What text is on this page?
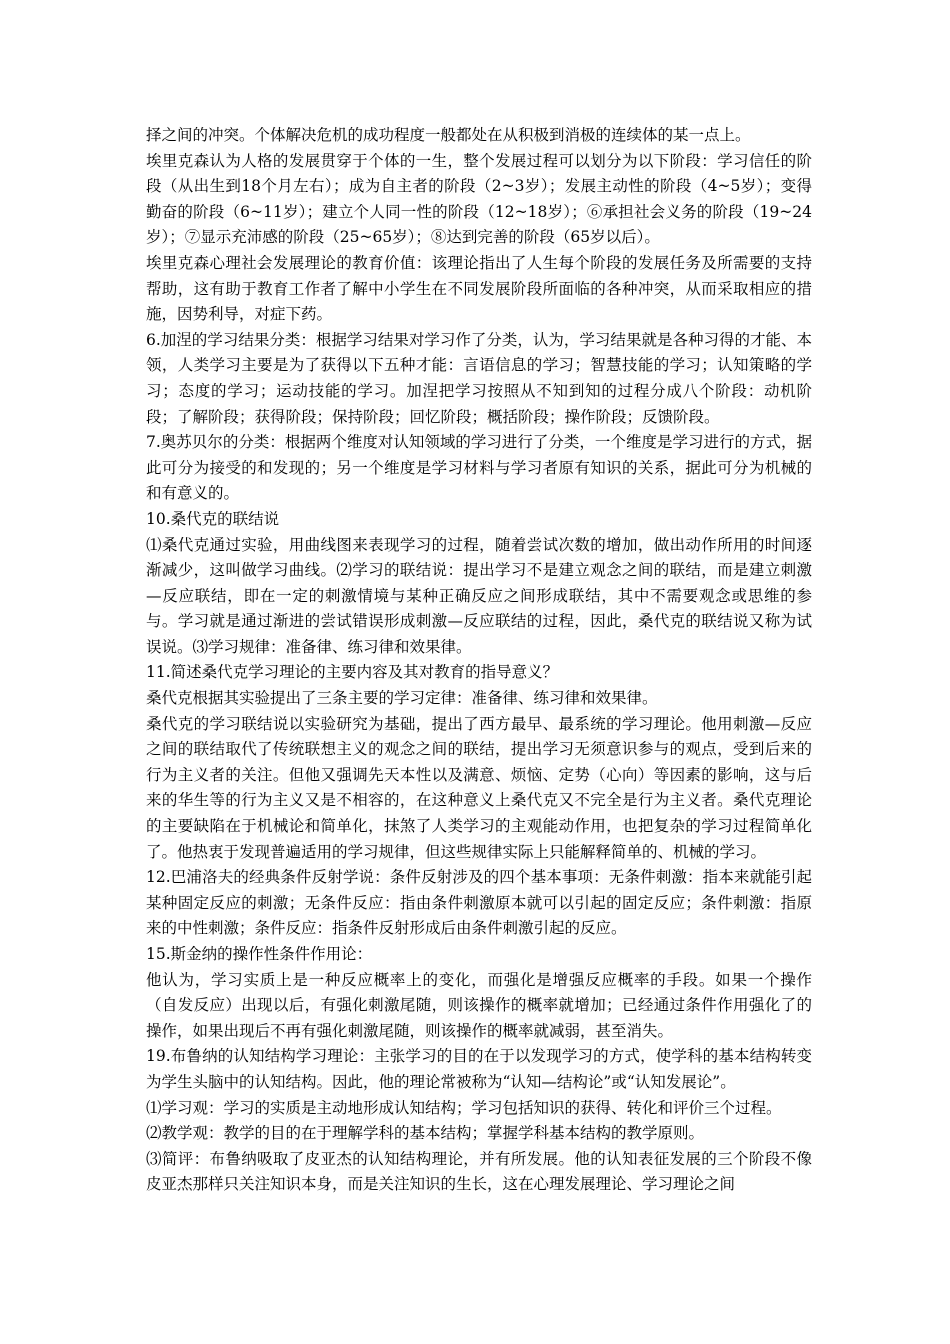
择之间的冲突。个体解决危机的成功程度一般都处在从积极到消极的连续体的某一点上。

埃里克森认为人格的发展贯穿于个体的一生，整个发展过程可以划分为以下阶段：学习信任的阶段（从出生到18个月左右）；成为自主者的阶段（2~3岁）；发展主动性的阶段（4~5岁）；变得勤奋的阶段（6~11岁）；建立个人同一性的阶段（12~18岁）；⑥承担社会义务的阶段（19~24岁）；⑦显示充沛感的阶段（25~65岁）；⑧达到完善的阶段（65岁以后）。

埃里克森心理社会发展理论的教育价值：该理论指出了人生每个阶段的发展任务及所需要的支持帮助，这有助于教育工作者了解中小学生在不同发展阶段所面临的各种冲突，从而采取相应的措施，因势利导，对症下药。

6.加涅的学习结果分类：根据学习结果对学习作了分类，认为，学习结果就是各种习得的才能、本领，人类学习主要是为了获得以下五种才能：言语信息的学习；智慧技能的学习；认知策略的学习；态度的学习；运动技能的学习。加涅把学习按照从不知到知的过程分成八个阶段：动机阶段；了解阶段；获得阶段；保持阶段；回忆阶段；概括阶段；操作阶段；反馈阶段。

7.奥苏贝尔的分类：根据两个维度对认知领域的学习进行了分类，一个维度是学习进行的方式，据此可分为接受的和发现的；另一个维度是学习材料与学习者原有知识的关系，据此可分为机械的和有意义的。

10.桑代克的联结说

⑴桑代克通过实验，用曲线图来表现学习的过程，随着尝试次数的增加，做出动作所用的时间逐渐减少，这叫做学习曲线。⑵学习的联结说：提出学习不是建立观念之间的联结，而是建立刺激—反应联结，即在一定的刺激情境与某种正确反应之间形成联结，其中不需要观念或思维的参与。学习就是通过渐进的尝试错误形成刺激—反应联结的过程，因此，桑代克的联结说又称为试误说。⑶学习规律：准备律、练习律和效果律。

11.简述桑代克学习理论的主要内容及其对教育的指导意义？

桑代克根据其实验提出了三条主要的学习定律：准备律、练习律和效果律。

桑代克的学习联结说以实验研究为基础，提出了西方最早、最系统的学习理论。他用刺激—反应之间的联结取代了传统联想主义的观念之间的联结，提出学习无须意识参与的观点，受到后来的行为主义者的关注。但他又强调先天本性以及满意、烦恼、定势（心向）等因素的影响，这与后来的华生等的行为主义又是不相容的，在这种意义上桑代克又不完全是行为主义者。桑代克理论的主要缺陷在于机械论和简单化，抹煞了人类学习的主观能动作用，也把复杂的学习过程简单化了。他热衷于发现普遍适用的学习规律，但这些规律实际上只能解释简单的、机械的学习。

12.巴浦洛夫的经典条件反射学说：条件反射涉及的四个基本事项：无条件刺激：指本来就能引起某种固定反应的刺激；无条件反应：指由条件刺激原本就可以引起的固定反应；条件刺激：指原来的中性刺激；条件反应：指条件反射形成后由条件刺激引起的反应。

15.斯金纳的操作性条件作用论：

他认为，学习实质上是一种反应概率上的变化，而强化是增强反应概率的手段。如果一个操作（自发反应）出现以后，有强化刺激尾随，则该操作的概率就增加；已经通过条件作用强化了的操作，如果出现后不再有强化刺激尾随，则该操作的概率就减弱，甚至消失。

19.布鲁纳的认知结构学习理论：主张学习的目的在于以发现学习的方式，使学科的基本结构转变为学生头脑中的认知结构。因此，他的理论常被称为“认知—结构论”或“认知发展论”。

⑴学习观：学习的实质是主动地形成认知结构；学习包括知识的获得、转化和评价三个过程。

⑵教学观：教学的目的在于理解学科的基本结构；掌握学科基本结构的教学原则。

⑶简评：布鲁纳吸取了皮亚杰的认知结构理论，并有所发展。他的认知表征发展的三个阶段不像皮亚杰那样只关注知识本身，而是关注知识的生长，这在心理发展理论、学习理论之间
